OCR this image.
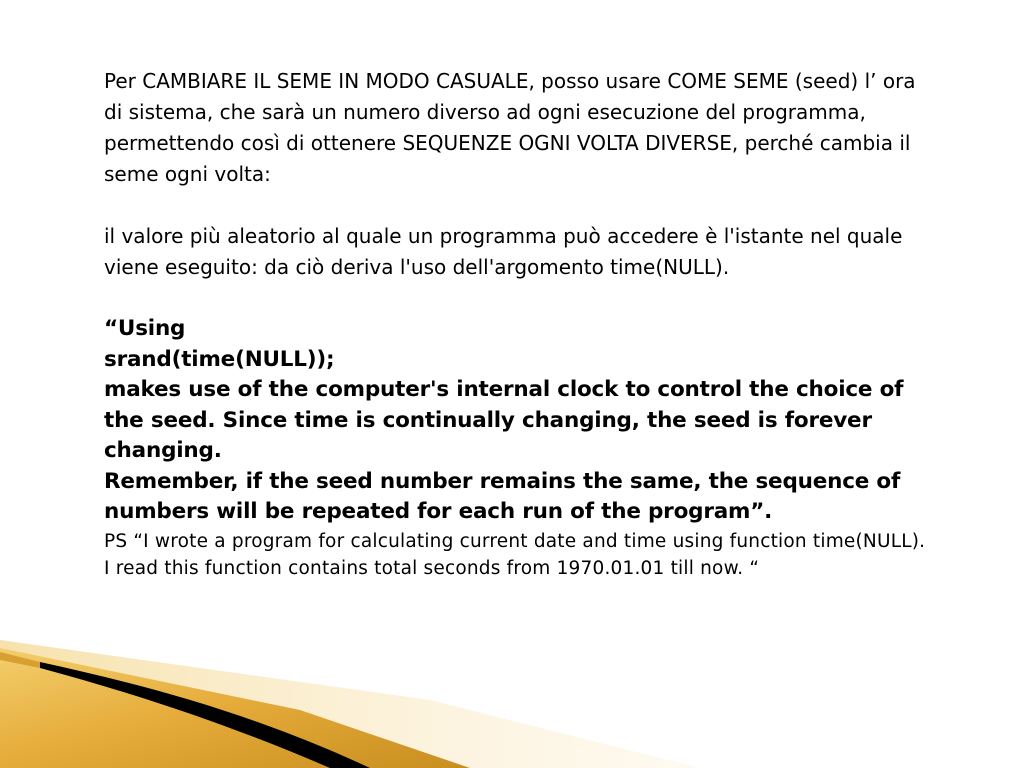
Per CAMBIARE IL SEME IN MODO CASUALE, posso usare COME SEME (seed) l’ ora di sistema, che sarà un numero diverso ad ogni esecuzione del programma, permettendo così di ottenere SEQUENZE OGNI VOLTA DIVERSE, perché cambia il seme ogni volta:

il valore più aleatorio al quale un programma può accedere è l'istante nel quale viene eseguito: da ciò deriva l'uso dell'argomento time(NULL).

“Using

srand(time(NULL));

makes use of the computer's internal clock to control the choice of the seed. Since time is continually changing, the seed is forever changing.

Remember, if the seed number remains the same, the sequence of numbers will be repeated for each run of the program”.

PS “I wrote a program for calculating current date and time using function time(NULL).

I read this function contains total seconds from 1970.01.01 till now. “
